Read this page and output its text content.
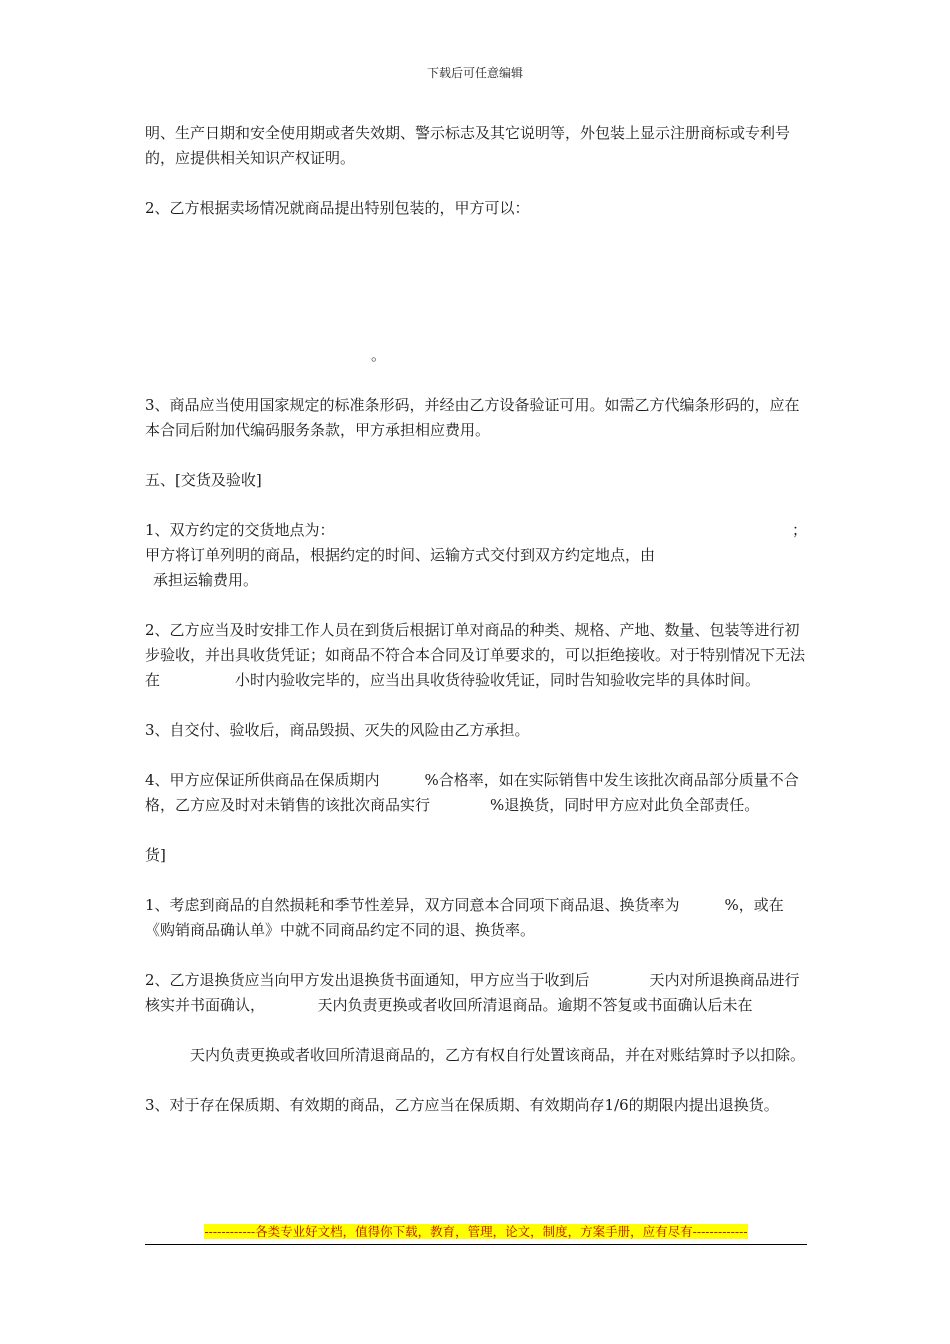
下载后可任意编辑

明、生产日期和安全使用期或者失效期、警示标志及其它说明等，外包装上显示注册商标或专利号的，应提供相关知识产权证明。

2、乙方根据卖场情况就商品提出特别包装的，甲方可以：

。

3、商品应当使用国家规定的标准条形码，并经由乙方设备验证可用。如需乙方代编条形码的，应在本合同后附加代编码服务条款，甲方承担相应费用。

五、[交货及验收]

1、双方约定的交货地点为：	；

甲方将订单列明的商品，根据约定的时间、运输方式交付到双方约定地点，由

承担运输费用。

2、乙方应当及时安排工作人员在到货后根据订单对商品的种类、规格、产地、数量、包装等进行初步验收，并出具收货凭证；如商品不符合本合同及订单要求的，可以拒绝接收。对于特别情况下无法在　　　　　小时内验收完毕的，应当出具收货待验收凭证，同时告知验收完毕的具体时间。

3、自交付、验收后，商品毁损、灭失的风险由乙方承担。

4、甲方应保证所供商品在保质期内　　　%合格率，如在实际销售中发生该批次商品部分质量不合格，乙方应及时对未销售的该批次商品实行　　　　%退换货，同时甲方应对此负全部责任。

货]

1、考虑到商品的自然损耗和季节性差异，双方同意本合同项下商品退、换货率为　　　%，或在《购销商品确认单》中就不同商品约定不同的退、换货率。

2、乙方退换货应当向甲方发出退换货书面通知，甲方应当于收到后　　　　天内对所退换商品进行核实并书面确认，　　　　天内负责更换或者收回所清退商品。逾期不答复或书面确认后未在

　　　天内负责更换或者收回所清退商品的，乙方有权自行处置该商品，并在对账结算时予以扣除。

3、对于存在保质期、有效期的商品，乙方应当在保质期、有效期尚存1/6的期限内提出退换货。

------------各类专业好文档，值得你下载，教育，管理，论文，制度，方案手册，应有尽有-------------
